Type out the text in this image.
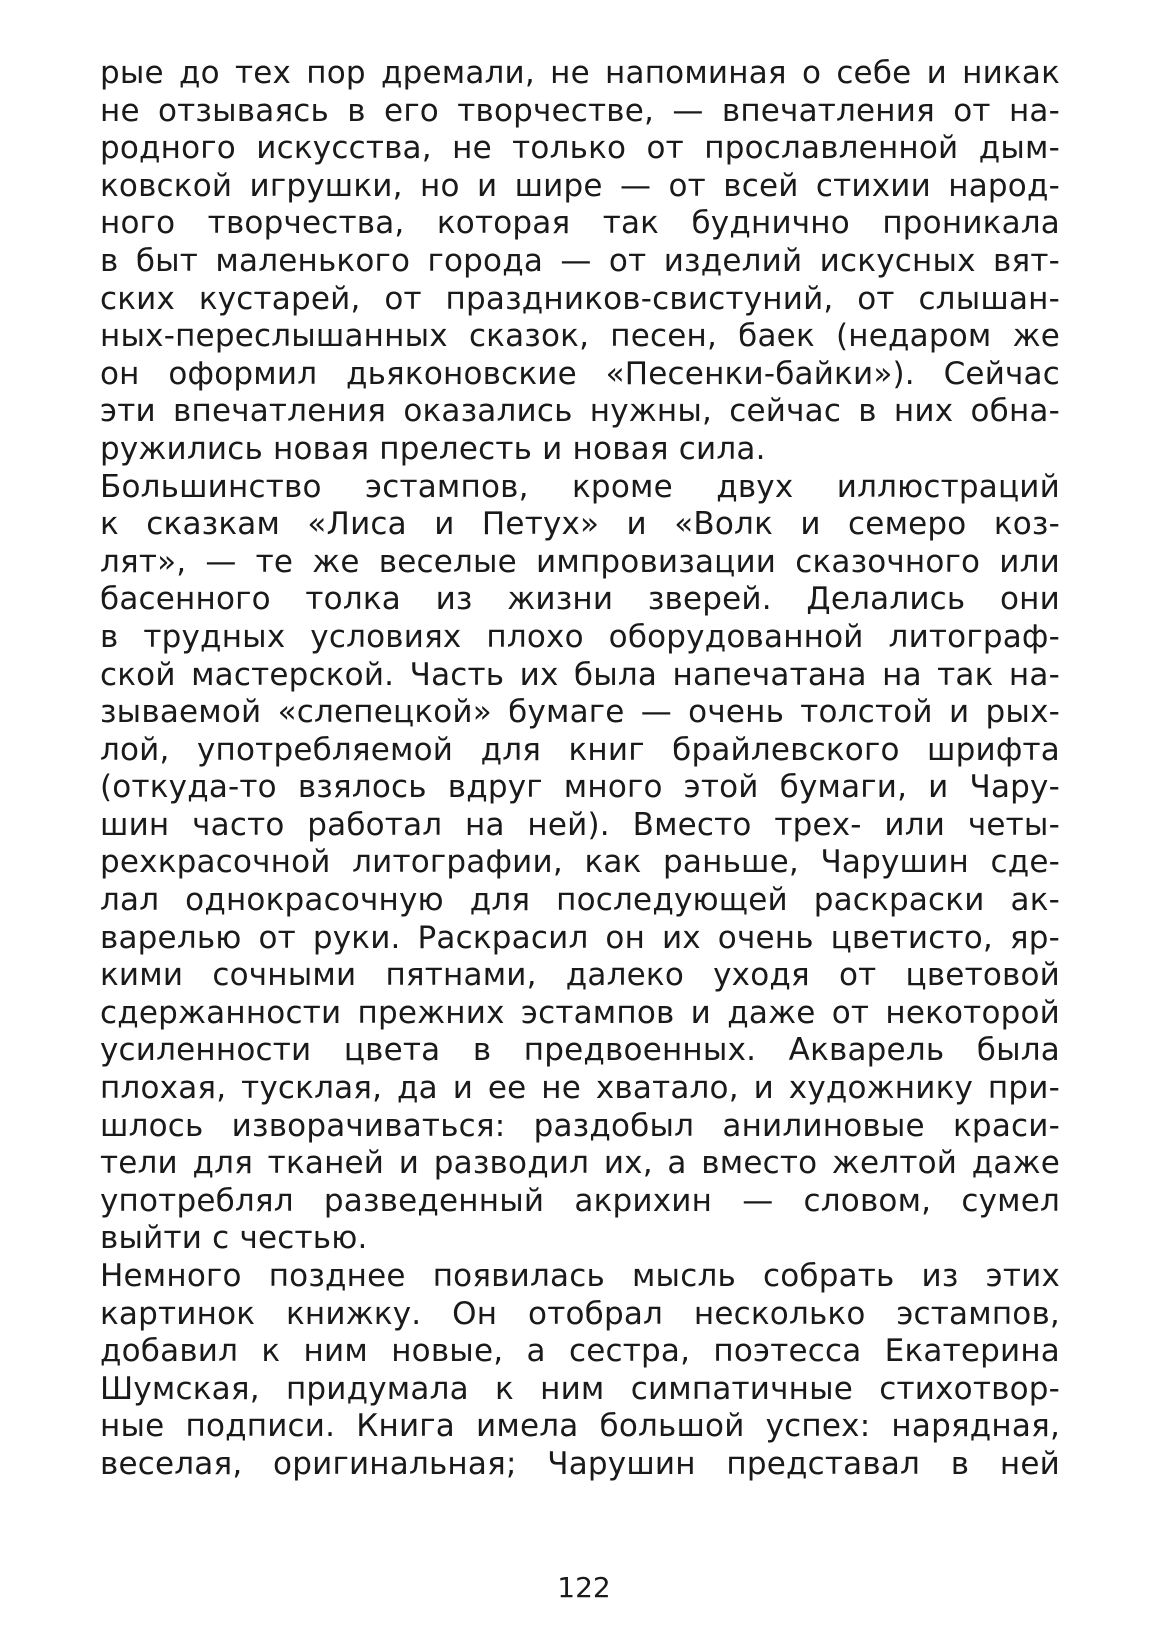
рые до тех пор дремали, не напоминая о себе и никак
не отзываясь в его творчестве, — впечатления от на-
родного искусства, не только от прославленной дым-
ковской игрушки, но и шире — от всей стихии народ-
ного творчества, которая так буднично проникала
в быт маленького города — от изделий искусных вят-
ских кустарей, от праздников-свистуний, от слышан-
ных-переслышанных сказок, песен, баек (недаром же
он оформил дьяконовские «Песенки-байки»). Сейчас
эти впечатления оказались нужны, сейчас в них обна-
ружились новая прелесть и новая сила.
Большинство эстампов, кроме двух иллюстраций
к сказкам «Лиса и Петух» и «Волк и семеро коз-
лят», — те же веселые импровизации сказочного или
басенного толка из жизни зверей. Делались они
в трудных условиях плохо оборудованной литограф-
ской мастерской. Часть их была напечатана на так на-
зываемой «слепецкой» бумаге — очень толстой и рых-
лой, употребляемой для книг брайлевского шрифта
(откуда-то взялось вдруг много этой бумаги, и Чару-
шин часто работал на ней). Вместо трех- или четы-
рехкрасочной литографии, как раньше, Чарушин сде-
лал однокрасочную для последующей раскраски ак-
варелью от руки. Раскрасил он их очень цветисто, яр-
кими сочными пятнами, далеко уходя от цветовой
сдержанности прежних эстампов и даже от некоторой
усиленности цвета в предвоенных. Акварель была
плохая, тусклая, да и ее не хватало, и художнику при-
шлось изворачиваться: раздобыл анилиновые краси-
тели для тканей и разводил их, а вместо желтой даже
употреблял разведенный акрихин — словом, сумел
выйти с честью.
Немного позднее появилась мысль собрать из этих
картинок книжку. Он отобрал несколько эстампов,
добавил к ним новые, а сестра, поэтесса Екатерина
Шумская, придумала к ним симпатичные стихотвор-
ные подписи. Книга имела большой успех: нарядная,
веселая, оригинальная; Чарушин представал в ней
122
